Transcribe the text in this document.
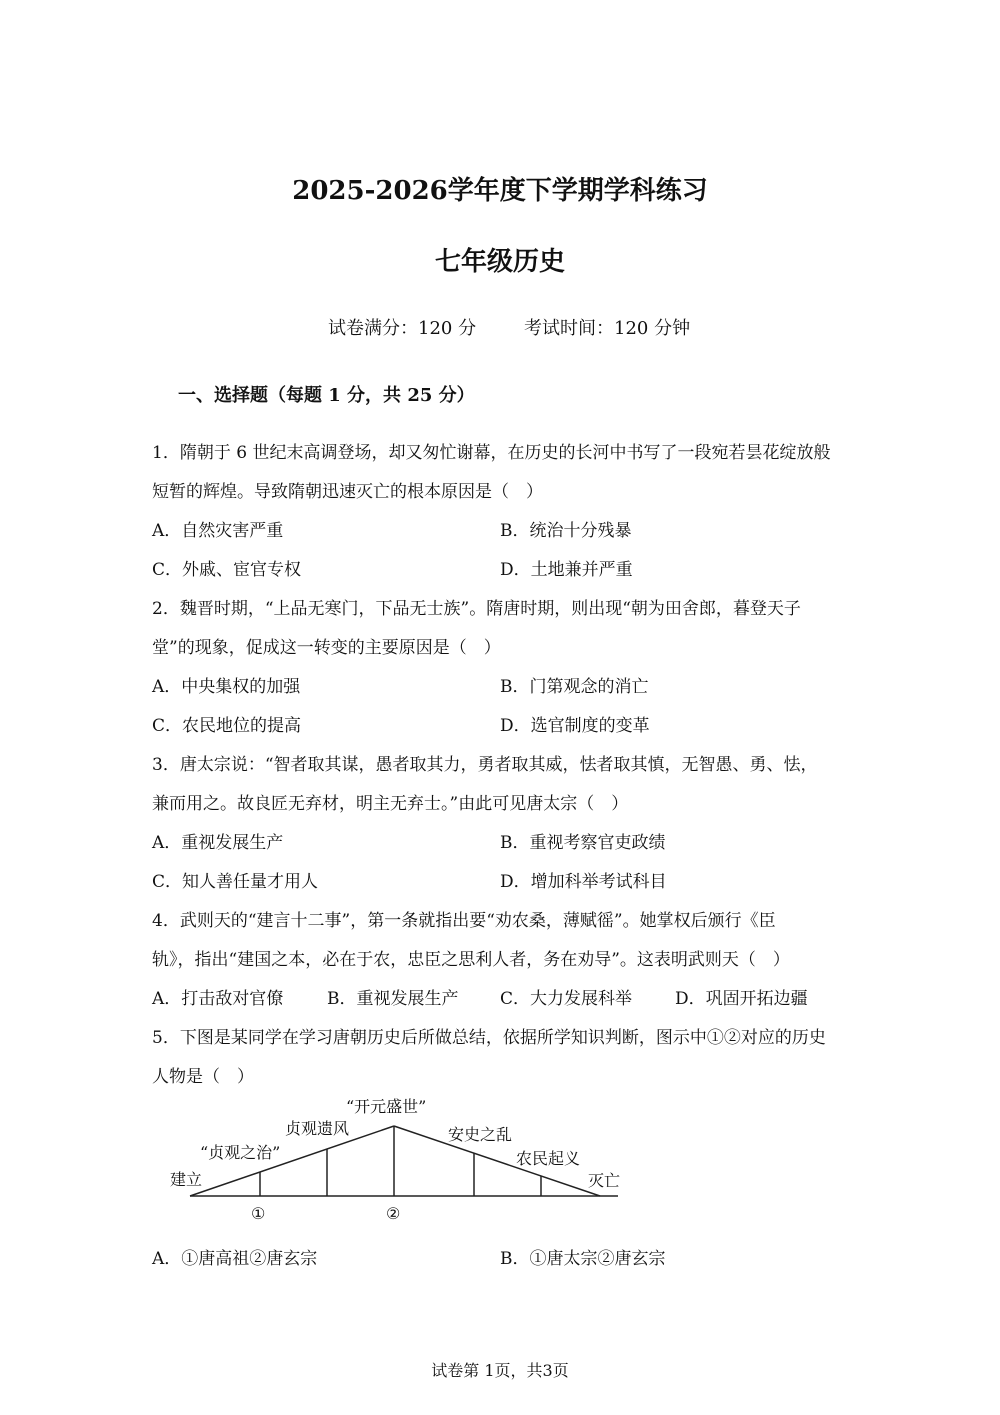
2025-2026学年度下学期学科练习
七年级历史
试卷满分：120 分	考试时间：120 分钟
一、选择题（每题 1 分，共 25 分）
1．隋朝于 6 世纪末高调登场，却又匆忙谢幕，在历史的长河中书写了一段宛若昙花绽放般
短暂的辉煌。导致隋朝迅速灭亡的根本原因是（　）
A．自然灾害严重	B．统治十分残暴
C．外戚、宦官专权	D．土地兼并严重
2．魏晋时期，“上品无寒门，下品无士族”。隋唐时期，则出现“朝为田舍郎，暮登天子
堂”的现象，促成这一转变的主要原因是（　）
A．中央集权的加强	B．门第观念的消亡
C．农民地位的提高	D．选官制度的变革
3．唐太宗说：“智者取其谋，愚者取其力，勇者取其威，怯者取其慎，无智愚、勇、怯，
兼而用之。故良匠无弃材，明主无弃士。”由此可见唐太宗（　）
A．重视发展生产	B．重视考察官吏政绩
C．知人善任量才用人	D．增加科举考试科目
4．武则天的“建言十二事”，第一条就指出要“劝农桑，薄赋徭”。她掌权后颁行《臣
轨》，指出“建国之本，必在于农，忠臣之思利人者，务在劝导”。这表明武则天（　）
A．打击敌对官僚	B．重视发展生产 C．大力发展科举	D．巩固开拓边疆
5．下图是某同学在学习唐朝历史后所做总结，依据所学知识判断，图示中①②对应的历史
人物是（　）
建立
“贞观之治”
贞观遗风
“开元盛世”
安史之乱
农民起义
灭亡
①	②
A．①唐高祖②唐玄宗	B．①唐太宗②唐玄宗
试卷第 1页，共3页
